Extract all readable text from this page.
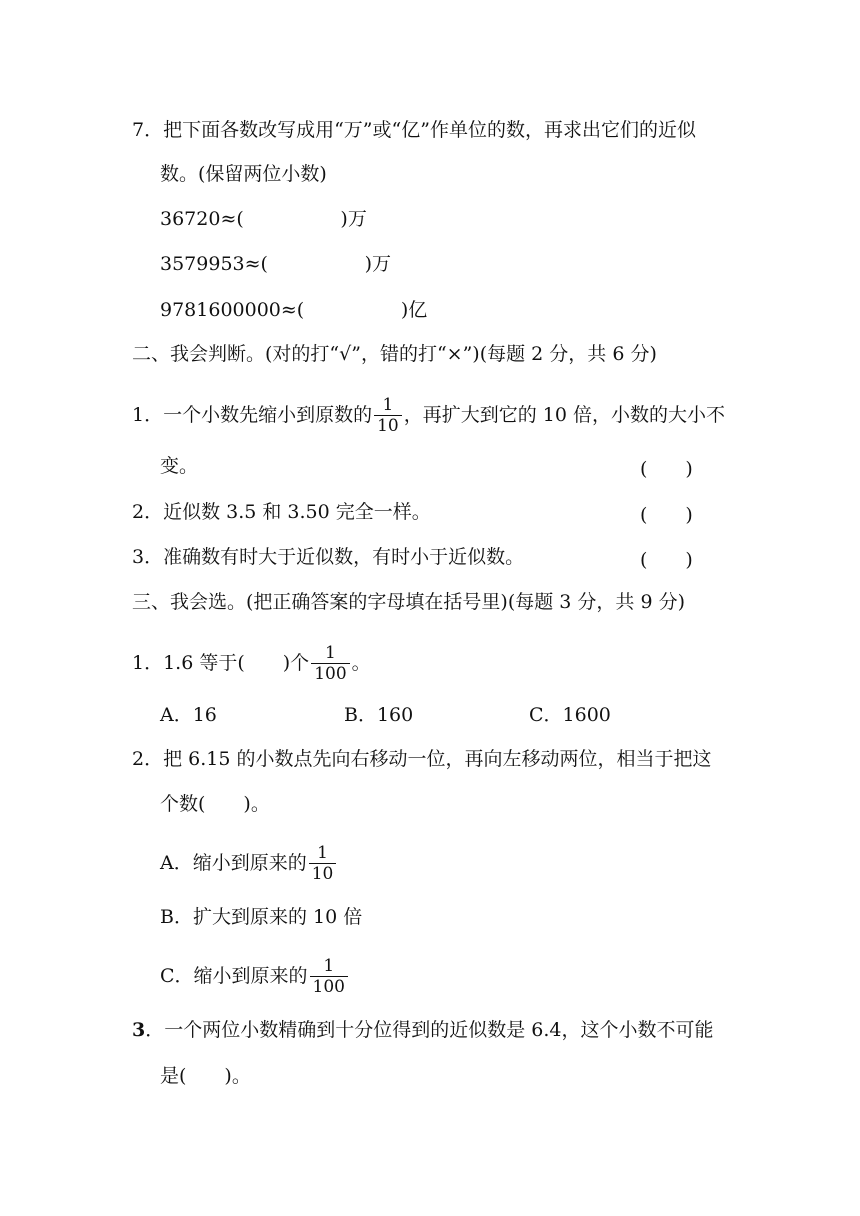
7．把下面各数改写成用“万”或“亿”作单位的数，再求出它们的近似
数。(保留两位小数)
36720≈(	)万
3579953≈(	)万
9781600000≈(	)亿
二、我会判断。(对的打“√”，错的打“×”)(每题 2 分，共 6 分)
1．一个小数先缩小到原数的 $\frac{1}{10}$ ，再扩大到它的 10 倍，小数的大小不
变。	(　　)
2．近似数 3.5 和 3.50 完全一样。	(　　)
3．准确数有时大于近似数，有时小于近似数。	(　　)
三、我会选。(把正确答案的字母填在括号里)(每题 3 分，共 9 分)
1．1.6 等于(　　)个 $\frac{1}{100}$ 。
A．16	B．160	C．1600
2．把 6.15 的小数点先向右移动一位，再向左移动两位，相当于把这
个数(　　)。
A．缩小到原来的 $\frac{1}{10}$
B．扩大到原来的 10 倍
C．缩小到原来的 $\frac{1}{100}$
3．一个两位小数精确到十分位得到的近似数是 6.4，这个小数不可能
是(　　)。
